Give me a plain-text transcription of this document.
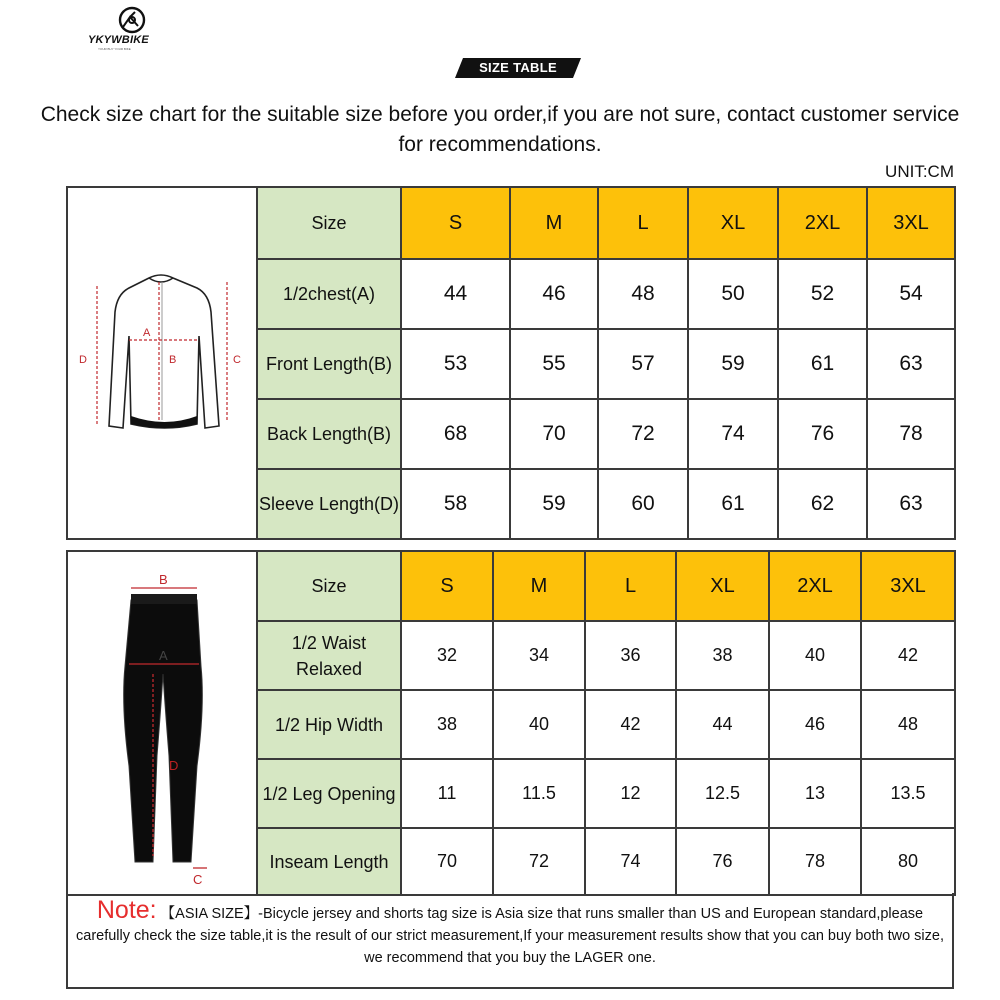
YKYWBIKE
YOUR BUY YOUR BIKE
SIZE TABLE
Check size chart for the suitable size before you order,if you are not sure, contact customer service for recommendations.
UNIT:CM
A
B C
D	Size	S	M	L	XL	2XL	3XL
	1/2chest(A)	44	46	48	50	52	54
	Front Length(B)	53	55	57	59	61	63
	Back Length(B)	68	70	72	74	76	78
	Sleeve Length(D)	58	59	60	61	62	63
B
A
D
C	Size	S	M	L	XL	2XL	3XL
	1/2 Waist Relaxed	32	34	36	38	40	42
	1/2 Hip Width	38	40	42	44	46	48
	1/2 Leg Opening	11	11.5	12	12.5	13	13.5
	Inseam Length	70	72	74	76	78	80
Note: 【ASIA SIZE】-Bicycle jersey and shorts tag size is Asia size that runs smaller than US and European standard,please carefully check the size table,it is the result of our strict measurement,If your measurement results show that you can buy both two size, we recommend that you buy the LAGER one.
